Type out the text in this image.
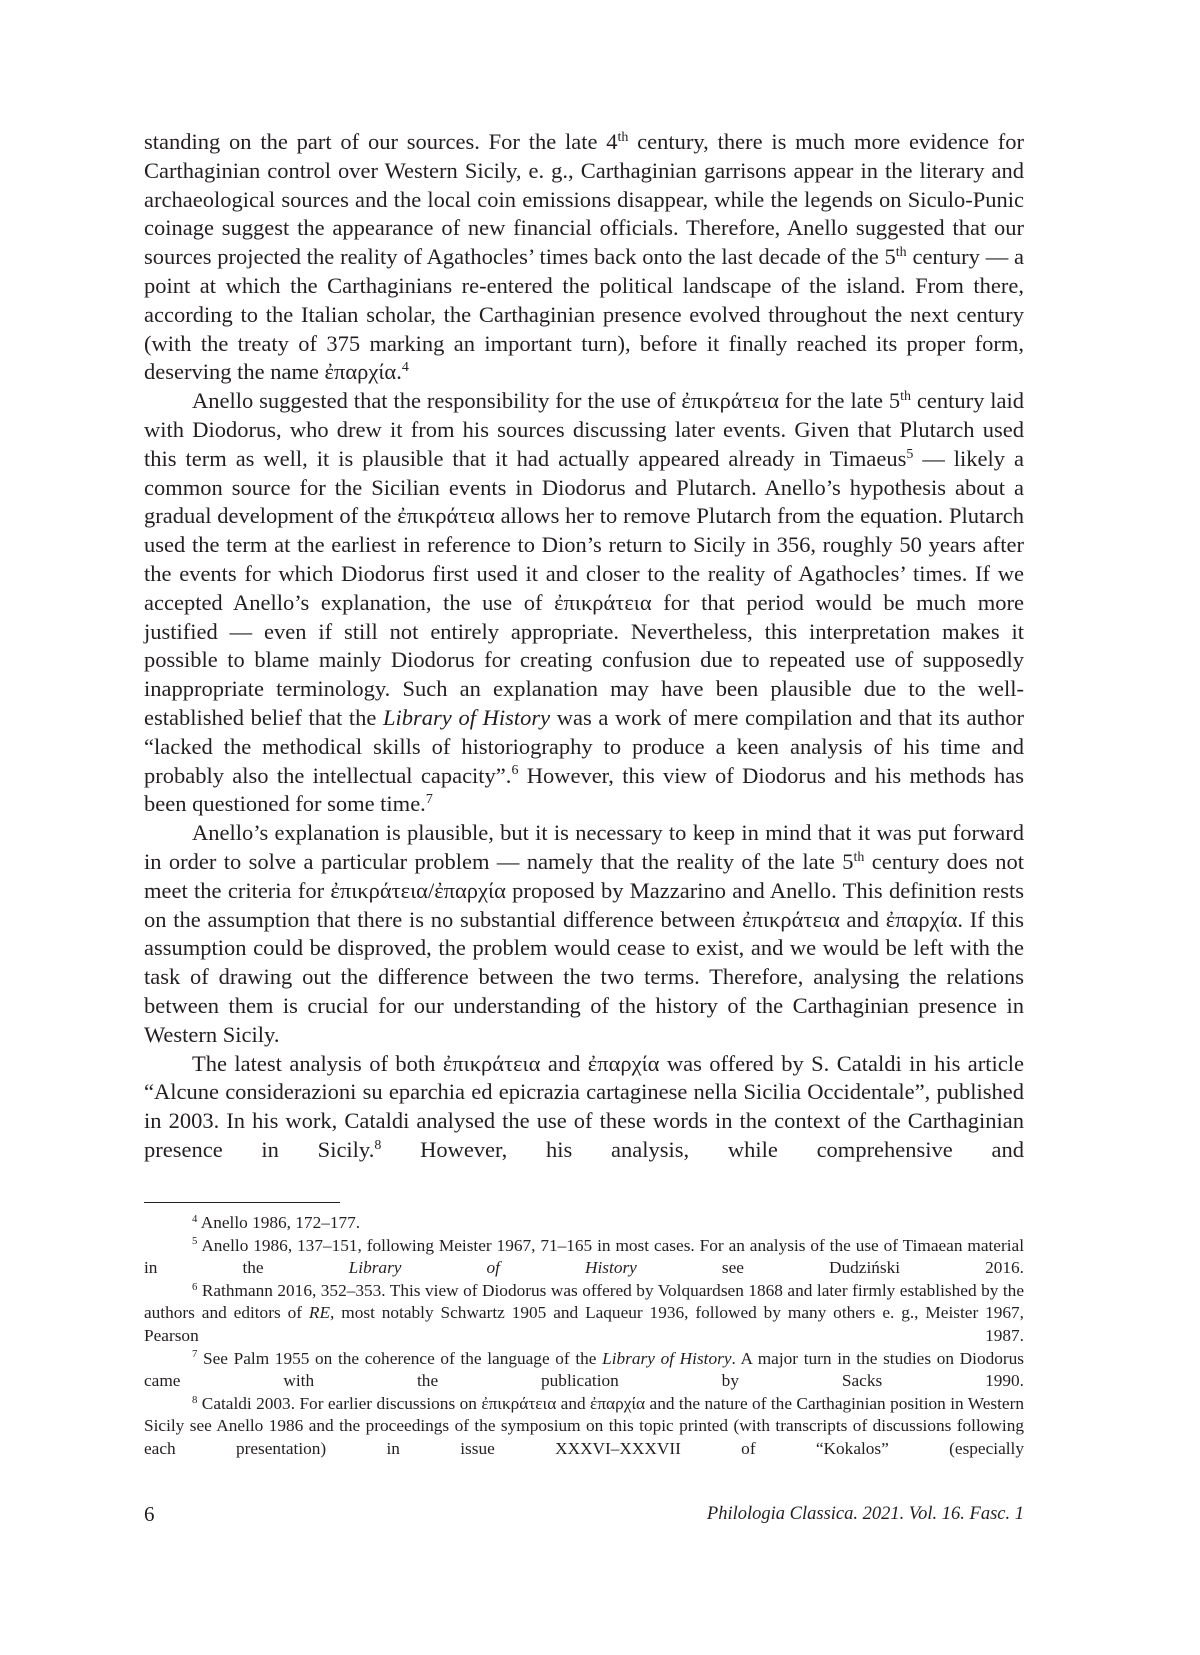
standing on the part of our sources. For the late 4th century, there is much more evidence for Carthaginian control over Western Sicily, e. g., Carthaginian garrisons appear in the literary and archaeological sources and the local coin emissions disappear, while the legends on Siculo-Punic coinage suggest the appearance of new financial officials. Therefore, Anello suggested that our sources projected the reality of Agathocles’ times back onto the last decade of the 5th century — a point at which the Carthaginians re-entered the political landscape of the island. From there, according to the Italian scholar, the Carthaginian presence evolved throughout the next century (with the treaty of 375 marking an important turn), before it finally reached its proper form, deserving the name ἐπαρχία.$^4$

Anello suggested that the responsibility for the use of ἐπικράτεια for the late 5th century laid with Diodorus, who drew it from his sources discussing later events. Given that Plutarch used this term as well, it is plausible that it had actually appeared already in Timaeus$^5$ — likely a common source for the Sicilian events in Diodorus and Plutarch. Anello’s hypothesis about a gradual development of the ἐπικράτεια allows her to remove Plutarch from the equation. Plutarch used the term at the earliest in reference to Dion’s return to Sicily in 356, roughly 50 years after the events for which Diodorus first used it and closer to the reality of Agathocles’ times. If we accepted Anello’s explanation, the use of ἐπικράτεια for that period would be much more justified — even if still not entirely appropriate. Nevertheless, this interpretation makes it possible to blame mainly Diodorus for creating confusion due to repeated use of supposedly inappropriate terminology. Such an explanation may have been plausible due to the well-established belief that the Library of History was a work of mere compilation and that its author “lacked the methodical skills of historiography to produce a keen analysis of his time and probably also the intellectual capacity”.$^6$ However, this view of Diodorus and his methods has been questioned for some time.$^7$

Anello’s explanation is plausible, but it is necessary to keep in mind that it was put forward in order to solve a particular problem — namely that the reality of the late 5th century does not meet the criteria for ἐπικράτεια/ἐπαρχία proposed by Mazzarino and Anello. This definition rests on the assumption that there is no substantial difference between ἐπικράτεια and ἐπαρχία. If this assumption could be disproved, the problem would cease to exist, and we would be left with the task of drawing out the difference between the two terms. Therefore, analysing the relations between them is crucial for our understanding of the history of the Carthaginian presence in Western Sicily.

The latest analysis of both ἐπικράτεια and ἐπαρχία was offered by S. Cataldi in his article “Alcune considerazioni su eparchia ed epicrazia cartaginese nella Sicilia Occidentale”, published in 2003. In his work, Cataldi analysed the use of these words in the context of the Carthaginian presence in Sicily.$^8$ However, his analysis, while comprehensive and

$^4$ Anello 1986, 172–177.

$^5$ Anello 1986, 137–151, following Meister 1967, 71–165 in most cases. For an analysis of the use of Timaean material in the Library of History see Dudziński 2016.

$^6$ Rathmann 2016, 352–353. This view of Diodorus was offered by Volquardsen 1868 and later firmly established by the authors and editors of RE, most notably Schwartz 1905 and Laqueur 1936, followed by many others e. g., Meister 1967, Pearson 1987.

$^7$ See Palm 1955 on the coherence of the language of the Library of History. A major turn in the studies on Diodorus came with the publication by Sacks 1990.

$^8$ Cataldi 2003. For earlier discussions on ἐπικράτεια and ἐπαρχία and the nature of the Carthaginian position in Western Sicily see Anello 1986 and the proceedings of the symposium on this topic printed (with transcripts of discussions following each presentation) in issue XXXVI–XXXVII of “Kokalos” (especially

6	Philologia Classica. 2021. Vol. 16. Fasc. 1
